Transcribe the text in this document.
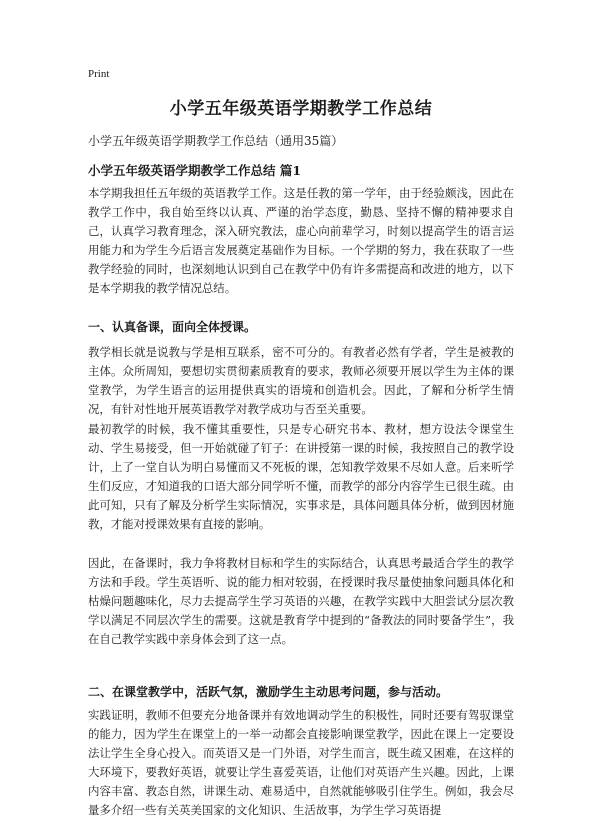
Print
小学五年级英语学期教学工作总结
小学五年级英语学期教学工作总结（通用35篇）
小学五年级英语学期教学工作总结 篇1

本学期我担任五年级的英语教学工作。这是任教的第一学年，由于经验颇浅，因此在教学工作中，我自始至终以认真、严谨的治学态度，勤恳、坚持不懈的精神要求自己，认真学习教育理念，深入研究教法，虚心向前辈学习，时刻以提高学生的语言运用能力和为学生今后语言发展奠定基础作为目标。一个学期的努力，我在获取了一些教学经验的同时，也深刻地认识到自己在教学中仍有许多需提高和改进的地方，以下是本学期我的教学情况总结。

一、认真备课，面向全体授课。

教学相长就是说教与学是相互联系，密不可分的。有教者必然有学者，学生是被教的主体。众所周知，要想切实贯彻素质教育的要求，教师必须要开展以学生为主体的课堂教学，为学生语言的运用提供真实的语境和创造机会。因此，了解和分析学生情况，有针对性地开展英语教学对教学成功与否至关重要。

最初教学的时候，我不懂其重要性，只是专心研究书本、教材，想方设法令课堂生动、学生易接受，但一开始就碰了钉子：在讲授第一课的时候，我按照自己的教学设计，上了一堂自认为明白易懂而又不死板的课，怎知教学效果不尽如人意。后来听学生们反应，才知道我的口语大部分同学听不懂，而教学的部分内容学生已很生疏。由此可知，只有了解及分析学生实际情况，实事求是，具体问题具体分析，做到因材施教，才能对授课效果有直接的影响。

因此，在备课时，我力争将教材目标和学生的实际结合，认真思考最适合学生的教学方法和手段。学生英语听、说的能力相对较弱，在授课时我尽量使抽象问题具体化和枯燥问题趣味化，尽力去提高学生学习英语的兴趣，在教学实践中大胆尝试分层次教学以满足不同层次学生的需要。这就是教育学中提到的“备教法的同时要备学生”，我在自己教学实践中亲身体会到了这一点。

二、在课堂教学中，活跃气氛，激励学生主动思考问题，参与活动。

实践证明，教师不但要充分地备课并有效地调动学生的积极性，同时还要有驾驭课堂的能力，因为学生在课堂上的一举一动都会直接影响课堂教学，因此在课上一定要设法让学生全身心投入。而英语又是一门外语，对学生而言，既生疏又困难，在这样的大环境下，要教好英语，就要让学生喜爱英语，让他们对英语产生兴趣。因此，上课内容丰富、教态自然，讲课生动、难易适中，自然就能够吸引住学生。例如，我会尽量多介绍一些有关英美国家的文化知识、生活故事，为学生学习英语提
